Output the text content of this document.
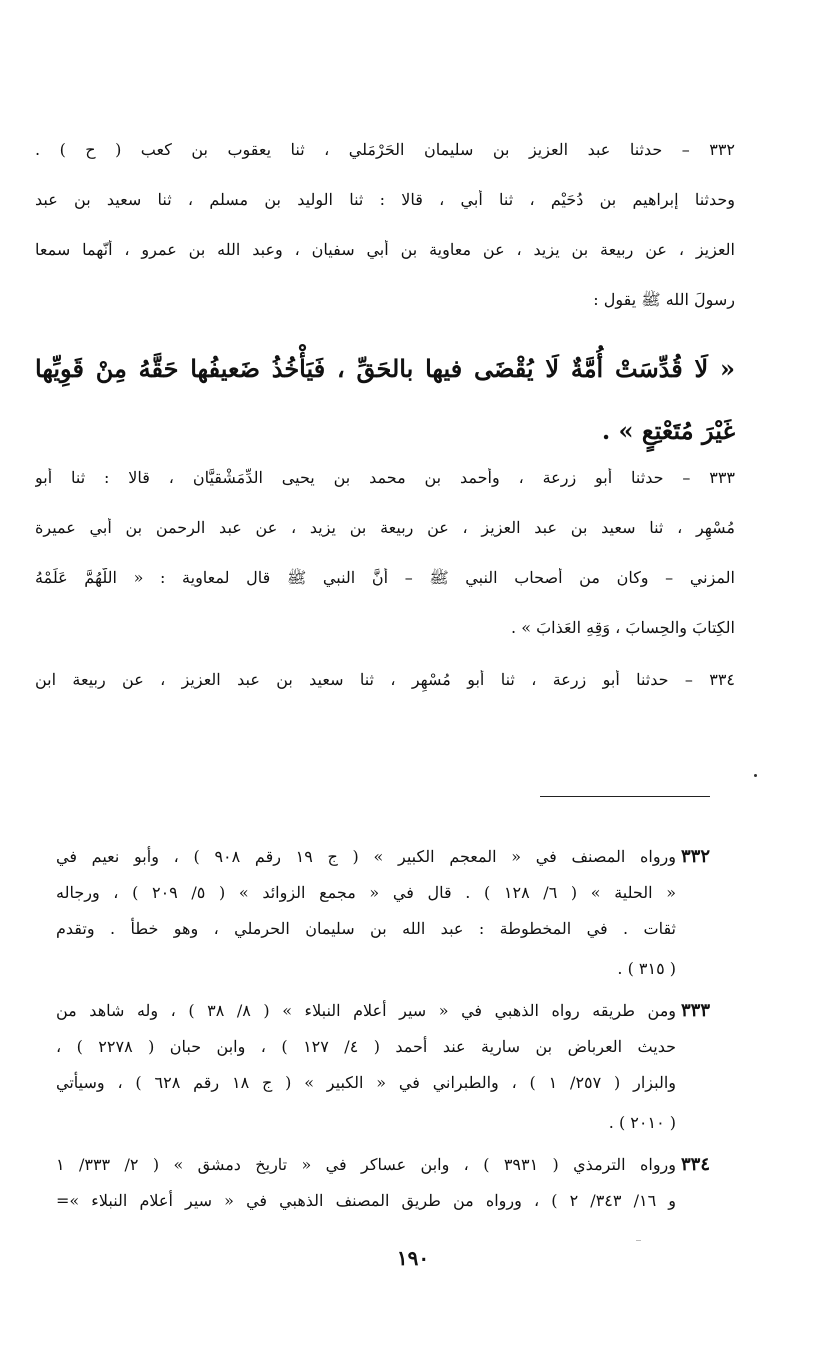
٣٣٢ – حدثنا عبد العزيز بن سليمان الحَرْمَلي ، ثنا يعقوب بن كعب ( ح ) .
وحدثنا إبراهيم بن دُحَيْم ، ثنا أبي ، قالا : ثنا الوليد بن مسلم ، ثنا سعيد بن عبد
العزيز ، عن ربيعة بن يزيد ، عن معاوية بن أبي سفيان ، وعبد الله بن عمرو ، أنّهما سمعا
رسولَ الله ﷺ يقول :
« لَا قُدِّسَتْ أُمَّةٌ لَا يُقْضَى فيها بالحَقِّ ، فَيَأْخُذُ ضَعيفُها حَقَّهُ مِنْ قَوِيِّها
غَيْرَ مُتَعْتِعٍ » .
٣٣٣ – حدثنا أبو زرعة ، وأحمد بن محمد بن يحيى الدِّمَشْقيَّان ، قالا : ثنا أبو
مُسْهِر ، ثنا سعيد بن عبد العزيز ، عن ربيعة بن يزيد ، عن عبد الرحمن بن أبي عميرة
المزني – وكان من أصحاب النبي ﷺ – أنَّ النبي ﷺ قال لمعاوية : « اللَّهُمَّ عَلِّمْهُ
الكِتابَ والحِسابَ ، وَقِهِ العَذابَ » .
٣٣٤ – حدثنا أبو زرعة ، ثنا أبو مُسْهِر ، ثنا سعيد بن عبد العزيز ، عن ربيعة ابن
٣٣٢
ورواه المصنف في « المعجم الكبير » ( ج ١٩ رقم ٩٠٨ ) ، وأبو نعيم في
« الحلية » ( ٦/ ١٢٨ ) . قال في « مجمع الزوائد » ( ٥/ ٢٠٩ ) ، ورجاله
ثقات . في المخطوطة : عبد الله بن سليمان الحرملي ، وهو خطأ . وتقدم
( ٣١٥ ) .
٣٣٣
ومن طريقه رواه الذهبي في « سير أعلام النبلاء » ( ٨/ ٣٨ ) ، وله شاهد من
حديث العرباض بن سارية عند أحمد ( ٤/ ١٢٧ ) ، وابن حبان ( ٢٢٧٨ ) ،
والبزار ( ٢٥٧/ ١ ) ، والطبراني في « الكبير » ( ج ١٨ رقم ٦٢٨ ) ، وسيأتي
( ٢٠١٠ ) .
٣٣٤
ورواه الترمذي ( ٣٩٣١ ) ، وابن عساكر في « تاريخ دمشق » ( ٢/ ٣٣٣/ ١
و ١٦/ ٣٤٣/ ٢ ) ، ورواه من طريق المصنف الذهبي في « سير أعلام النبلاء »=
١٩٠
